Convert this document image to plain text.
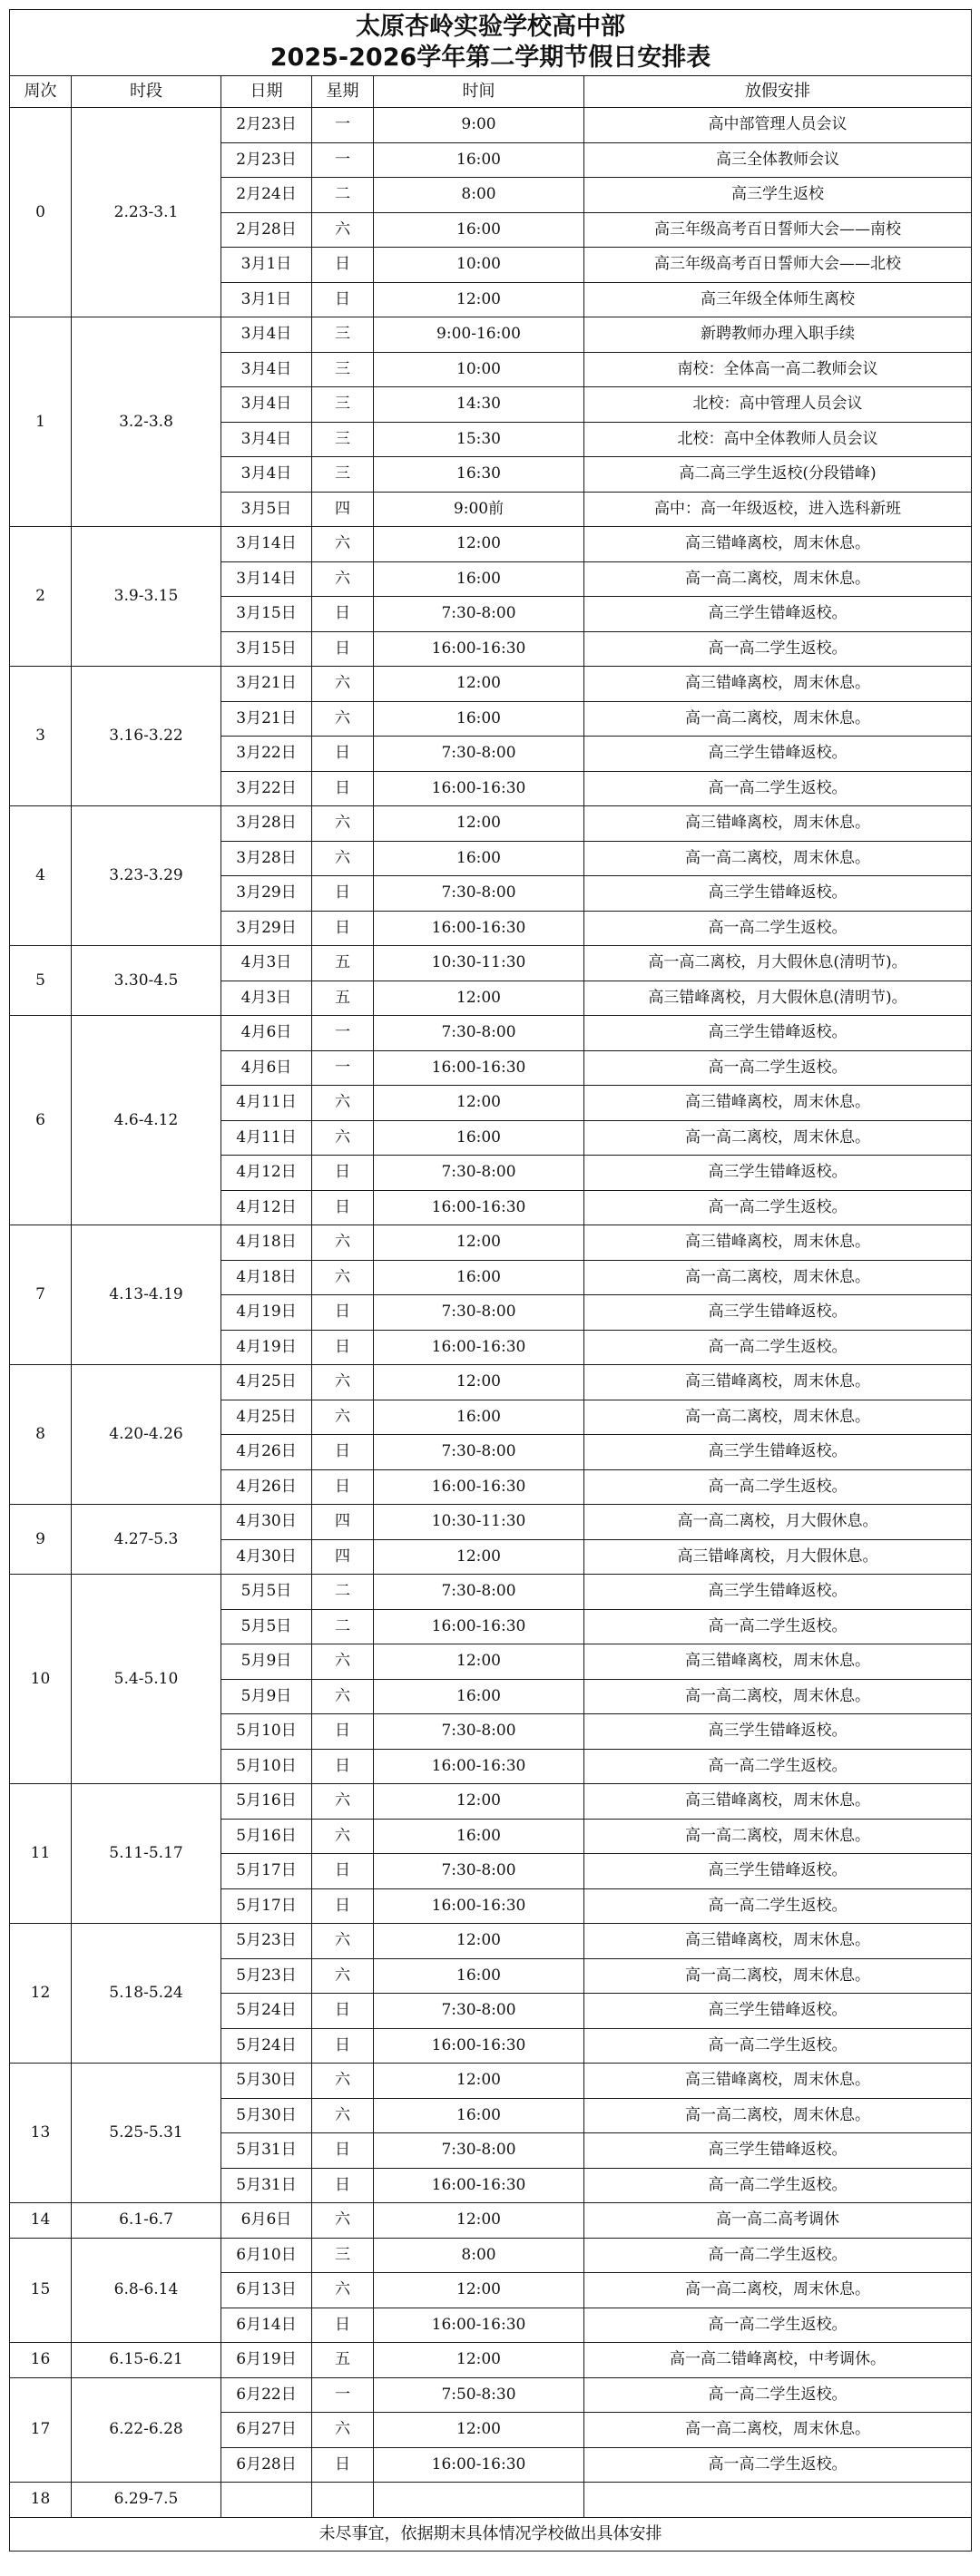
太原杏岭实验学校高中部
2025-2026学年第二学期节假日安排表					

周次	时段	日期	星期	时间	放假安排
0	2.23-3.1	2月23日	一	9:00	高中部管理人员会议
		2月23日	一	16:00	高三全体教师会议
		2月24日	二	8:00	高三学生返校
		2月28日	六	16:00	高三年级高考百日誓师大会——南校
		3月1日	日	10:00	高三年级高考百日誓师大会——北校
		3月1日	日	12:00	高三年级全体师生离校
1	3.2-3.8	3月4日	三	9:00-16:00	新聘教师办理入职手续
		3月4日	三	10:00	南校：全体高一高二教师会议
		3月4日	三	14:30	北校：高中管理人员会议
		3月4日	三	15:30	北校：高中全体教师人员会议
		3月4日	三	16:30	高二高三学生返校(分段错峰)
		3月5日	四	9:00前	高中：高一年级返校，进入选科新班
2	3.9-3.15	3月14日	六	12:00	高三错峰离校，周末休息。
		3月14日	六	16:00	高一高二离校，周末休息。
		3月15日	日	7:30-8:00	高三学生错峰返校。
		3月15日	日	16:00-16:30	高一高二学生返校。
3	3.16-3.22	3月21日	六	12:00	高三错峰离校，周末休息。
		3月21日	六	16:00	高一高二离校，周末休息。
		3月22日	日	7:30-8:00	高三学生错峰返校。
		3月22日	日	16:00-16:30	高一高二学生返校。
4	3.23-3.29	3月28日	六	12:00	高三错峰离校，周末休息。
		3月28日	六	16:00	高一高二离校，周末休息。
		3月29日	日	7:30-8:00	高三学生错峰返校。
		3月29日	日	16:00-16:30	高一高二学生返校。
5	3.30-4.5	4月3日	五	10:30-11:30	高一高二离校，月大假休息(清明节)。
		4月3日	五	12:00	高三错峰离校，月大假休息(清明节)。
6	4.6-4.12	4月6日	一	7:30-8:00	高三学生错峰返校。
		4月6日	一	16:00-16:30	高一高二学生返校。
		4月11日	六	12:00	高三错峰离校，周末休息。
		4月11日	六	16:00	高一高二离校，周末休息。
		4月12日	日	7:30-8:00	高三学生错峰返校。
		4月12日	日	16:00-16:30	高一高二学生返校。
7	4.13-4.19	4月18日	六	12:00	高三错峰离校，周末休息。
		4月18日	六	16:00	高一高二离校，周末休息。
		4月19日	日	7:30-8:00	高三学生错峰返校。
		4月19日	日	16:00-16:30	高一高二学生返校。
8	4.20-4.26	4月25日	六	12:00	高三错峰离校，周末休息。
		4月25日	六	16:00	高一高二离校，周末休息。
		4月26日	日	7:30-8:00	高三学生错峰返校。
		4月26日	日	16:00-16:30	高一高二学生返校。
9	4.27-5.3	4月30日	四	10:30-11:30	高一高二离校，月大假休息。
		4月30日	四	12:00	高三错峰离校，月大假休息。
10	5.4-5.10	5月5日	二	7:30-8:00	高三学生错峰返校。
		5月5日	二	16:00-16:30	高一高二学生返校。
		5月9日	六	12:00	高三错峰离校，周末休息。
		5月9日	六	16:00	高一高二离校，周末休息。
		5月10日	日	7:30-8:00	高三学生错峰返校。
		5月10日	日	16:00-16:30	高一高二学生返校。
11	5.11-5.17	5月16日	六	12:00	高三错峰离校，周末休息。
		5月16日	六	16:00	高一高二离校，周末休息。
		5月17日	日	7:30-8:00	高三学生错峰返校。
		5月17日	日	16:00-16:30	高一高二学生返校。
12	5.18-5.24	5月23日	六	12:00	高三错峰离校，周末休息。
		5月23日	六	16:00	高一高二离校，周末休息。
		5月24日	日	7:30-8:00	高三学生错峰返校。
		5月24日	日	16:00-16:30	高一高二学生返校。
13	5.25-5.31	5月30日	六	12:00	高三错峰离校，周末休息。
		5月30日	六	16:00	高一高二离校，周末休息。
		5月31日	日	7:30-8:00	高三学生错峰返校。
		5月31日	日	16:00-16:30	高一高二学生返校。
14	6.1-6.7	6月6日	六	12:00	高一高二高考调休
15	6.8-6.14	6月10日	三	8:00	高一高二学生返校。
		6月13日	六	12:00	高一高二离校，周末休息。
		6月14日	日	16:00-16:30	高一高二学生返校。
16	6.15-6.21	6月19日	五	12:00	高一高二错峰离校，中考调休。
17	6.22-6.28	6月22日	一	7:50-8:30	高一高二学生返校。
		6月27日	六	12:00	高一高二离校，周末休息。
		6月28日	日	16:00-16:30	高一高二学生返校。
18	6.29-7.5				
未尽事宜，依据期末具体情况学校做出具体安排					
